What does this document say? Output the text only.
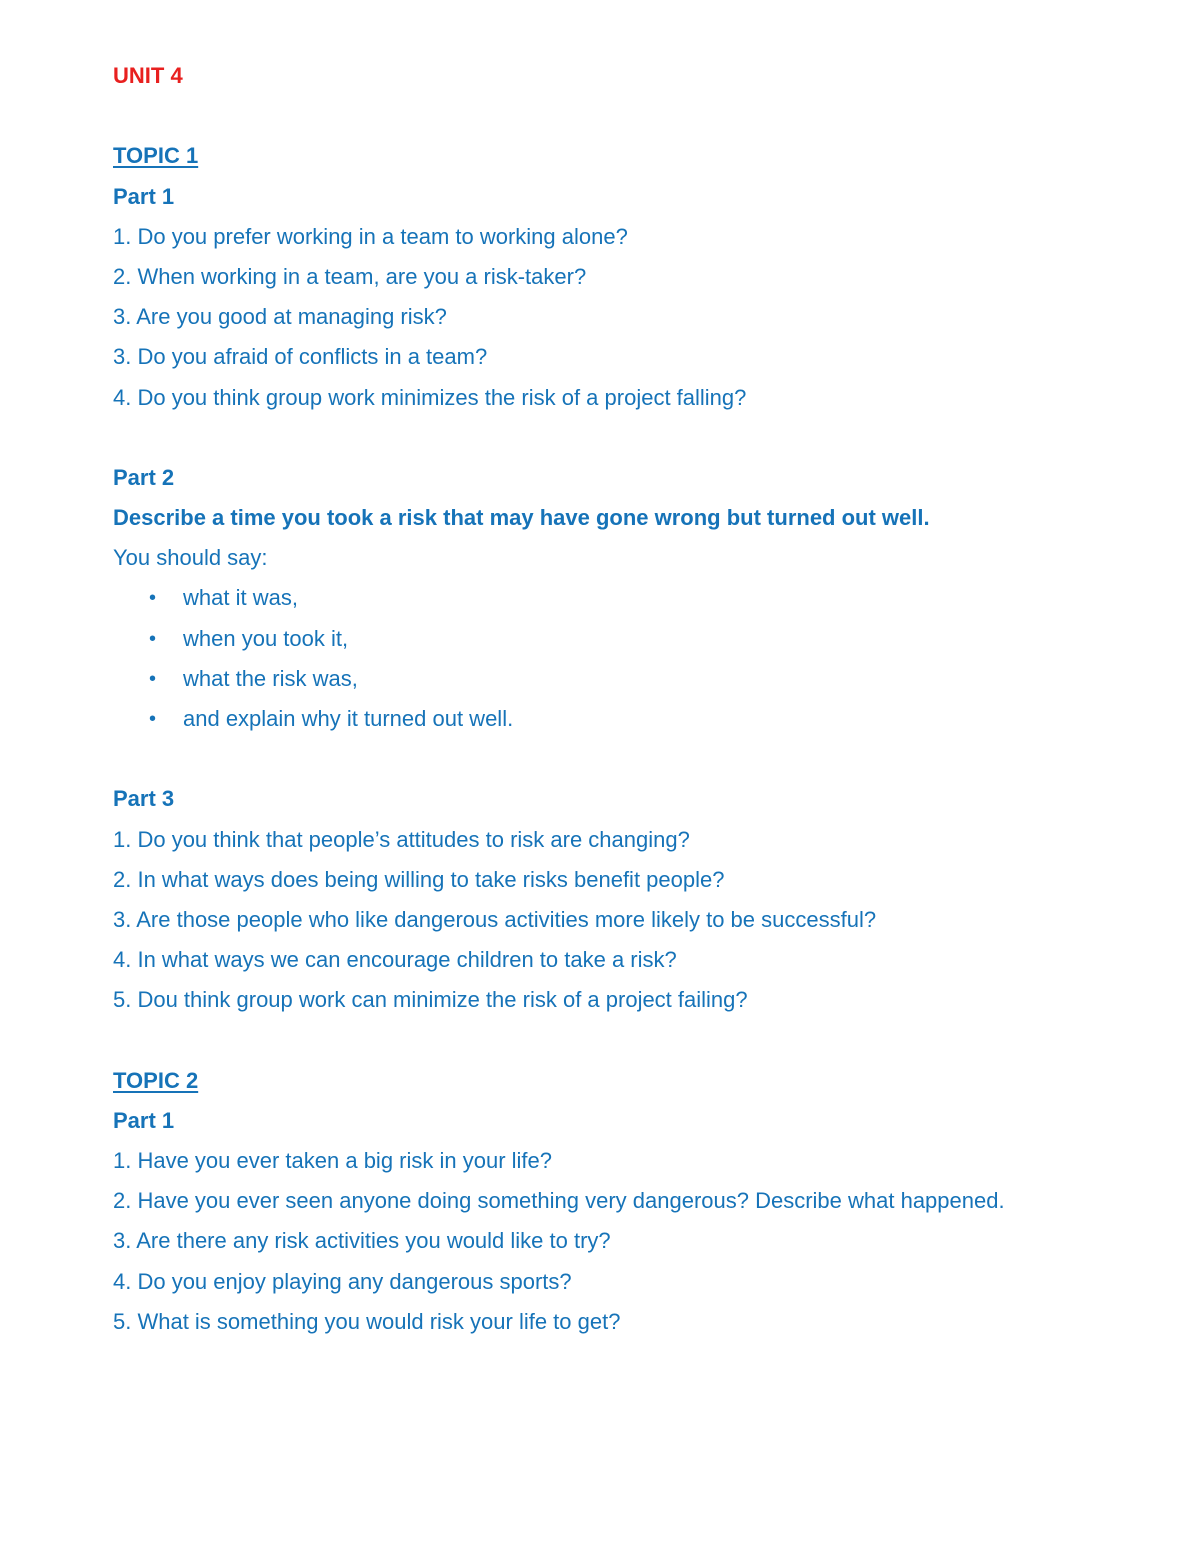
UNIT 4
TOPIC 1
Part 1
1. Do you prefer working in a team to working alone?
2. When working in a team, are you a risk-taker?
3. Are you good at managing risk?
3. Do you afraid of conflicts in a team?
4. Do you think group work minimizes the risk of a project falling?
Part 2
Describe a time you took a risk that may have gone wrong but turned out well.
You should say:
• what it was,
• when you took it,
• what the risk was,
• and explain why it turned out well.
Part 3
1. Do you think that people’s attitudes to risk are changing?
2. In what ways does being willing to take risks benefit people?
3. Are those people who like dangerous activities more likely to be successful?
4. In what ways we can encourage children to take a risk?
5. Dou think group work can minimize the risk of a project failing?
TOPIC 2
Part 1
1. Have you ever taken a big risk in your life?
2. Have you ever seen anyone doing something very dangerous? Describe what happened.
3. Are there any risk activities you would like to try?
4. Do you enjoy playing any dangerous sports?
5. What is something you would risk your life to get?
